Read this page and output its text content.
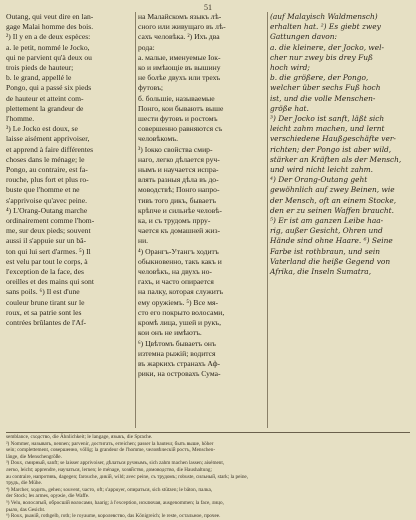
51
Outang, qui veut dire en lan-
gage Malai homme des bois.
²) Il y en a de deux espèces:
a. le petit, nommé le Jocko,
qui ne parvient qu'à deux ou
trois pieds de hauteur;
b. le grand, appellé le
Pongo, qui a passé six pieds
de hauteur et atteint com-
plettement la grandeur de
l'homme.
³) Le Jocko est doux, se
laisse aisément apprivoiser,
et apprend à faire différentes
choses dans le ménage; le
Pongo, au contraire, est fa-
rouche, plus fort et plus ro-
buste que l'homme et ne
s'apprivoise qu'avec peine.
⁴) L'Orang-Outang marche
ordinairement comme l'hom-
me, sur deux pieds; souvent
aussi il s'appuie sur un bâ-
ton qui lui sert d'armes. ⁵) Il
est velu par tout le corps, à
l'exception de la face, des
oreilles et des mains qui sont
sans poils. ⁶) Il est d'une
couleur brune tirant sur le
roux, et sa patrie sont les
contrées brûlantes de l'Af-
на Малайскомъ языкъ лѣ-
сного или живущаго въ лѣ-
сахъ человѣка. ²) Ихъ два
рода:
а. малые, именуемые Іок-
ко и имѣющіе въ вышину
не болѣе двухъ или трехъ
футовъ;
б. большіе, называемые
Понго, кои бываютъ выше
шести футовъ и ростомъ
совершенно равняются съ
человѣкомъ.
³) Іокко свойства смир-
наго, легко дѣлается руч-
нымъ и научается испра-
влять разныя дѣла въ до-
моводствѣ; Понго напро-
тивъ того дикъ, бываетъ
крѣпче и сильнѣе человѣ-
ка, и съ трудомъ прру-
чается къ домашней жиз-
ни.
⁴) Орангъ-Утангъ ходитъ
обыкновенно, такъ какъ и
человѣкъ, на двухъ но-
гахъ, и часто опирается
на палку, которая служитъ
ему оружіемъ. ⁵) Все мя-
сто его покрыто волосами,
кромѣ лица, ушей и рукъ,
кои онъ не имѣютъ.
⁶) Цвѣтомъ бываетъ онъ
изтемна рыжій; водится
въ жаркихъ странахъ Аф-
рики, на островахъ Сума-
(auf Malayisch Waldmensch)
erhalten hat. ²) Es giebt zwey
Gattungen davon:
a. die kleinere, der Jocko, wel-
cher nur zwey bis drey Fuß
hoch wird;
b. die größere, der Pongo,
welcher über sechs Fuß hoch
ist, und die volle Menschen-
größe hat.
³) Der Jocko ist sanft, läßt sich
leicht zahm machen, und lernt
verschiedene Haußgeschäfte ver-
richten; der Pongo ist aber wild,
stärker an Kräften als der Mensch,
und wird nicht leicht zahm.
⁴) Der Orang-Outang geht
gewöhnlich auf zwey Beinen, wie
der Mensch, oft an einem Stocke,
den er zu seinen Waffen braucht.
⁵) Er ist am ganzen Leibe haa-
rig, außer Gesicht, Ohren und
Hände sind ohne Haare. ⁶) Seine
Farbe ist rothbraun, und sein
Vaterland die heiße Gegend von
Afrika, die Inseln Sumatra,
semblance, сходство, die Ähnlichkeit; le langage, языкъ, die Sprache.
²) Nommer, называть, nennen; parvenir, достигать, erreichen; passer la hauteur, быть выше, höher
sein; complettement, совершенно, völlig; la grandeur de l'homme, человѣческій ростъ, Menschen-
länge, die Menschengröße.
³) Doux, смирный, sanft; se laisser apprivoiser, дѣлаться ручнымъ, sich zahm machen lassen; aisément,
легко, leicht; apprendre, научаться, lernen; le ménage, хозяйство, домоводство, die Haushaltung;
au contraire, напротивъ, dagegen; farouche, дикій, wild; avec peine, съ трудомъ; robuste, сильный, stark; la peine,
трудъ, die Mühe.
⁴) Marcher, ходить, gehen; souvent, часто, oft; s'appuyer, опираться, sich stützen; le bâton, палка,
der Stock; les armes, оружіе, die Waffe.
⁵) Velu, волосатый, обросшій волосами, haarig; à l'exception, исключая, ausgenommen; la face, лицо,
рыло, das Gesicht.
⁶) Roux, рыжій, rothgelb, roth; le royaume, королевство, das Königreich; le reste, остальное, прочее.
